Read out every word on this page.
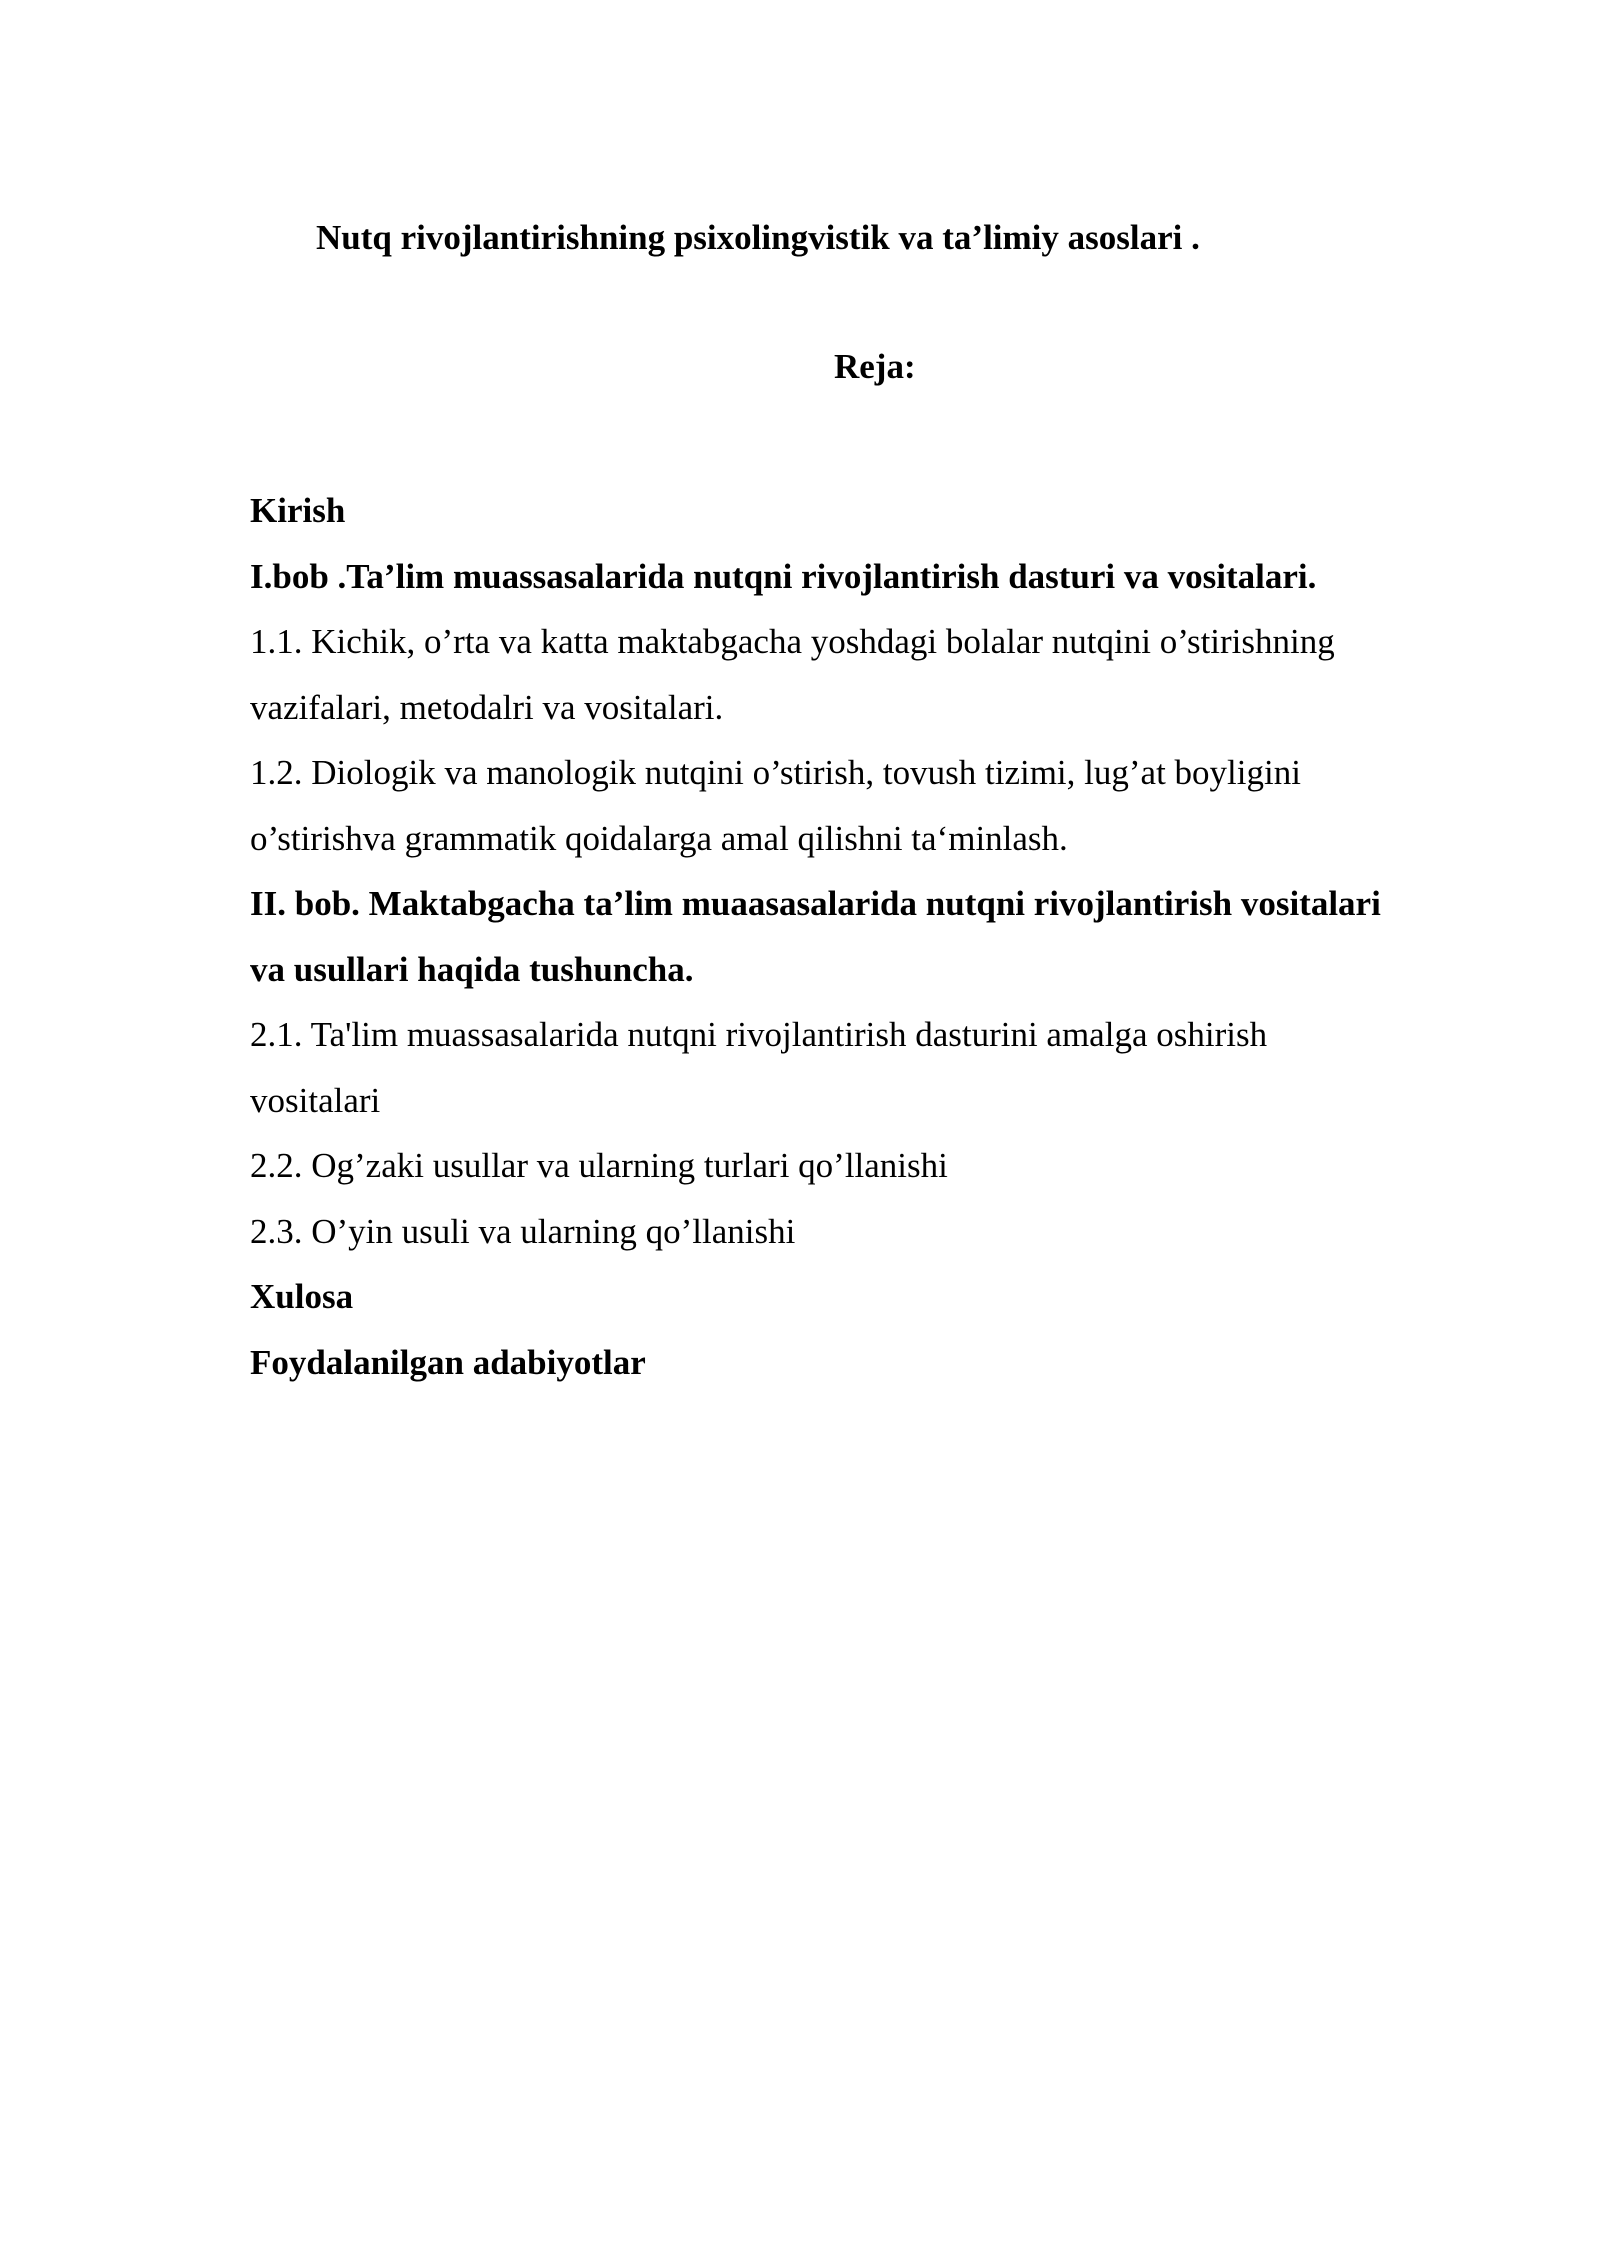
Nutq rivojlantirishning psixolingvistik va ta’limiy asoslari .
Reja:
Kirish
I.bob .Ta’lim muassasalarida nutqni rivojlantirish dasturi va vositalari.
1.1. Kichik, o’rta va katta maktabgacha yoshdagi bolalar nutqini o’stirishning
vazifalari, metodalri va vositalari.
1.2. Diologik va manologik nutqini o’stirish, tovush tizimi, lug’at boyligini
o’stirishva grammatik qoidalarga amal qilishni ta‘minlash.
II. bob. Maktabgacha ta’lim muaasasalarida nutqni rivojlantirish vositalari
va usullari haqida tushuncha.
2.1. Ta'lim muassasalarida nutqni rivojlantirish dasturini amalga oshirish
vositalari
2.2. Og’zaki usullar va ularning turlari qo’llanishi
2.3. O’yin usuli va ularning qo’llanishi
Xulosa
Foydalanilgan adabiyotlar
